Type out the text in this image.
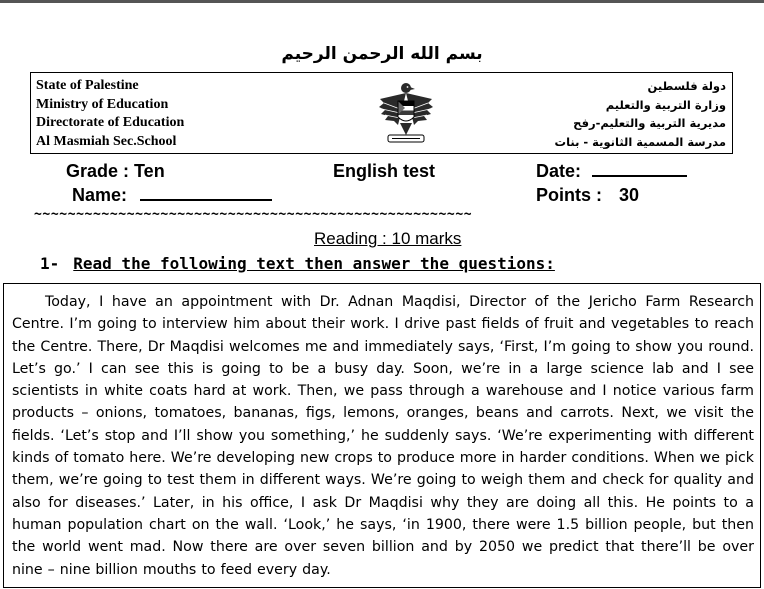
بسم الله الرحمن الرحيم
State of Palestine
Ministry of Education
Directorate of Education
Al Masmiah Sec.School
دولة فلسطين
وزارة التربية والتعليم
مديرية التربية والتعليم-رفح
مدرسة المسمية الثانوية - بنات
Grade : Ten	English test	Date:
Name:	Points : 30
~~~~~~~~~~~~~~~~~~~~~~~~~~~~~~~~~~~~~~~~~~~~~~~~~~~~
Reading : 10 marks
1- Read the following text then answer the questions:

Today, I have an appointment with Dr. Adnan Maqdisi, Director of the Jericho Farm Research Centre. I’m going to interview him about their work. I drive past fields of fruit and vegetables to reach the Centre. There, Dr Maqdisi welcomes me and immediately says, ‘First, I’m going to show you round. Let’s go.’ I can see this is going to be a busy day. Soon, we’re in a large science lab and I see scientists in white coats hard at work. Then, we pass through a warehouse and I notice various farm products – onions, tomatoes, bananas, figs, lemons, oranges, beans and carrots. Next, we visit the fields. ‘Let’s stop and I’ll show you something,’ he suddenly says. ‘We’re experimenting with different kinds of tomato here. We’re developing new crops to produce more in harder conditions. When we pick them, we’re going to test them in different ways. We’re going to weigh them and check for quality and also for diseases.’ Later, in his office, I ask Dr Maqdisi why they are doing all this. He points to a human population chart on the wall. ‘Look,’ he says, ‘in 1900, there were 1.5 billion people, but then the world went mad. Now there are over seven billion and by 2050 we predict that there’ll be over nine – nine billion mouths to feed every day.
